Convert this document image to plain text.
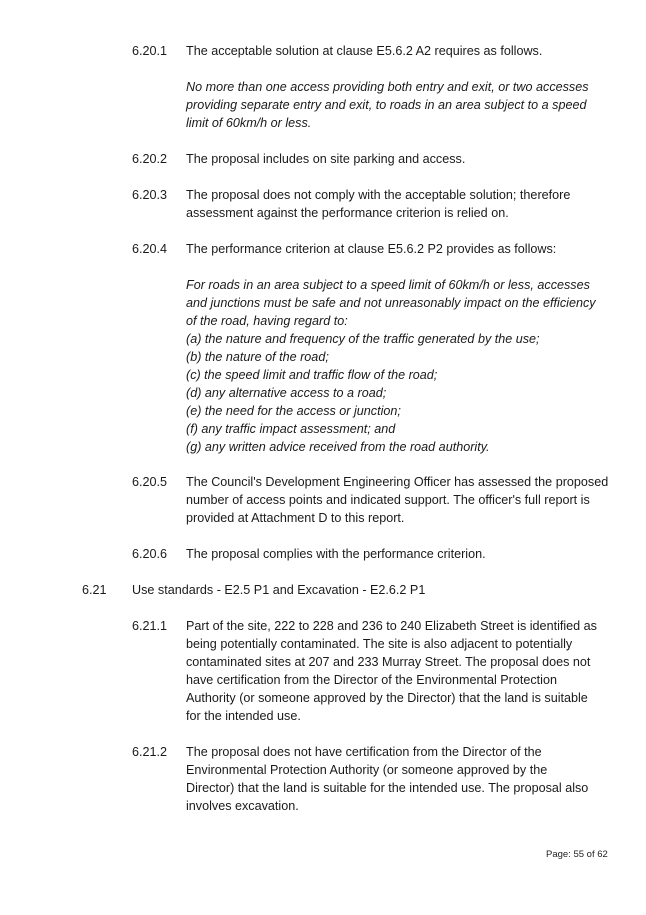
6.20.1 The acceptable solution at clause E5.6.2 A2 requires as follows.
No more than one access providing both entry and exit, or two accesses providing separate entry and exit, to roads in an area subject to a speed limit of 60km/h or less.
6.20.2 The proposal includes on site parking and access.
6.20.3 The proposal does not comply with the acceptable solution; therefore assessment against the performance criterion is relied on.
6.20.4 The performance criterion at clause E5.6.2 P2 provides as follows:
For roads in an area subject to a speed limit of 60km/h or less, accesses and junctions must be safe and not unreasonably impact on the efficiency of the road, having regard to:
(a) the nature and frequency of the traffic generated by the use;
(b) the nature of the road;
(c) the speed limit and traffic flow of the road;
(d) any alternative access to a road;
(e) the need for the access or junction;
(f) any traffic impact assessment; and
(g) any written advice received from the road authority.
6.20.5 The Council's Development Engineering Officer has assessed the proposed number of access points and indicated support. The officer's full report is provided at Attachment D to this report.
6.20.6 The proposal complies with the performance criterion.
6.21 Use standards - E2.5 P1 and Excavation - E2.6.2 P1
6.21.1 Part of the site, 222 to 228 and 236 to 240 Elizabeth Street is identified as being potentially contaminated. The site is also adjacent to potentially contaminated sites at 207 and 233 Murray Street. The proposal does not have certification from the Director of the Environmental Protection Authority (or someone approved by the Director) that the land is suitable for the intended use.
6.21.2 The proposal does not have certification from the Director of the Environmental Protection Authority (or someone approved by the Director) that the land is suitable for the intended use. The proposal also involves excavation.
Page: 55 of 62
